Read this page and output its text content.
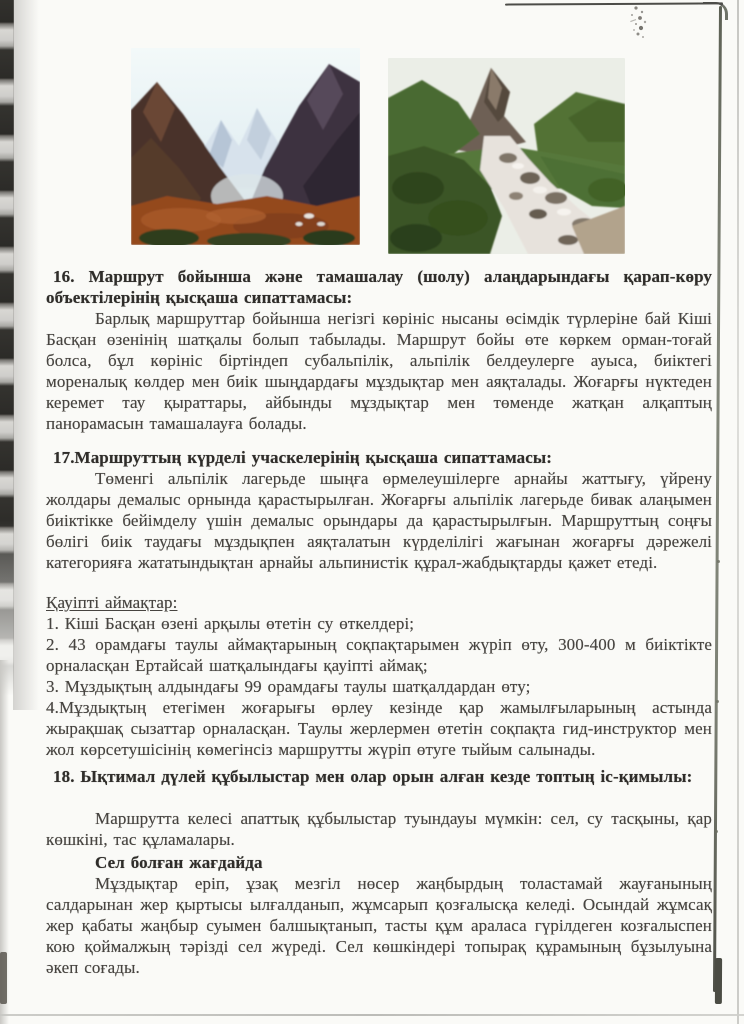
16. Маршрут бойынша және тамашалау (шолу) алаңдарындағы қарап-көру объектілерінің қысқаша сипаттамасы:
Барлық маршруттар бойынша негізгі көрініс нысаны өсімдік түрлеріне бай Кіші Басқан өзенінің шатқалы болып табылады. Маршрут бойы өте көркем орман-тоғай болса, бұл көрініс біртіндеп субальпілік, альпілік белдеулерге ауыса, биіктегі мореналық көлдер мен биік шыңдардағы мұздықтар мен аяқталады. Жоғарғы нүктеден керемет тау қыраттары, айбынды мұздықтар мен төменде жатқан алқаптың панорамасын тамашалауға болады.
17.Маршруттың күрделі учаскелерінің қысқаша сипаттамасы:
Төменгі альпілік лагерьде шыңға өрмелеушілерге арнайы жаттығу, үйрену жолдары демалыс орнында қарастырылған. Жоғарғы альпілік лагерьде бивак алаңымен биіктікке бейімделу үшін демалыс орындары да қарастырылғын. Маршруттың соңғы бөлігі биік таудағы мұздықпен аяқталатын күрделілігі жағынан жоғарғы дәрежелі категорияға жататындықтан арнайы альпинистік құрал-жабдықтарды қажет етеді.
Қауіпті аймақтар:
1. Кіші Басқан өзені арқылы өтетін су өткелдері;
2. 43 орамдағы таулы аймақтарының соқпақтарымен жүріп өту, 300-400 м биіктікте орналасқан Ертайсай шатқалындағы қауіпті аймақ;
3. Мұздықтың алдындағы 99 орамдағы таулы шатқалдардан өту;
4.Мұздықтың етегімен жоғарығы өрлеу кезінде қар жамылғыларының астында жырақшақ сызаттар орналасқан. Таулы жерлермен өтетін соқпақта гид-инструктор мен жол көрсетушісінің көмегінсіз маршрутты жүріп өтуге тыйым салынады.
18. Ықтимал дүлей құбылыстар мен олар орын алған кезде топтың іс-қимылы:
Маршрутта келесі апаттық құбылыстар туындауы мүмкін: сел, су тасқыны, қар көшкіні, тас құламалары.
Сел болған жағдайда
Мұздықтар еріп, ұзақ мезгіл нөсер жаңбырдың толастамай жауғанының салдарынан жер қыртысы ылғалданып, жұмсарып қозғалысқа келеді. Осындай жұмсақ жер қабаты жаңбыр суымен балшықтанып, тасты құм араласа гүрілдеген козғалыспен кою қоймалжың тәрізді сел жүреді. Сел көшкіндері топырақ құрамының бұзылуына әкеп соғады.
